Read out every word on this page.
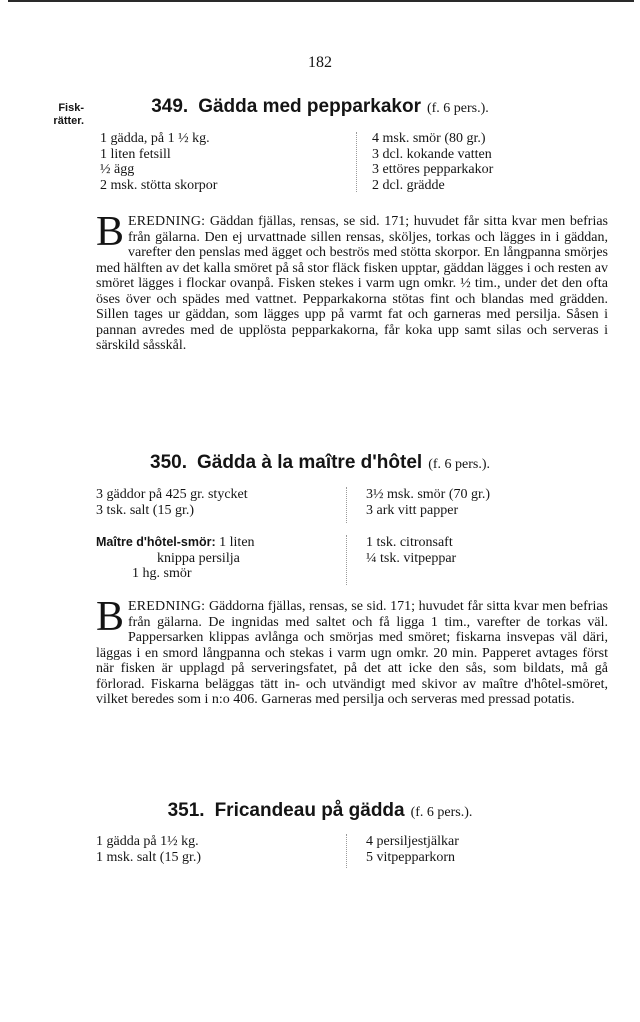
182
Fisk-
rätter.
349. Gädda med pepparkakor (f. 6 pers.).
1 gädda, på 1 ½ kg.
1 liten fetsill
½ ägg
2 msk. stötta skorpor
4 msk. smör (80 gr.)
3 dcl. kokande vatten
3 ettöres pepparkakor
2 dcl. grädde
BEREDNING: Gäddan fjällas, rensas, se sid. 171; huvudet får sitta kvar men befrias från gälarna. Den ej urvattnade sillen rensas, sköljes, torkas och lägges in i gäddan, varefter den penslas med ägget och beströs med stötta skorpor. En långpanna smörjes med hälften av det kalla smöret på så stor fläck fisken upptar, gäddan lägges i och resten av smöret lägges i flockar ovanpå. Fisken stekes i varm ugn omkr. ½ tim., under det den ofta öses över och spädes med vattnet. Pepparkakorna stötas fint och blandas med grädden. Sillen tages ur gäddan, som lägges upp på varmt fat och garneras med persilja. Såsen i pannan avredes med de upplösta pepparkakorna, får koka upp samt silas och serveras i särskild såsskål.
350. Gädda à la maître d'hôtel (f. 6 pers.).
3 gäddor på 425 gr. stycket
3 tsk. salt (15 gr.)
3½ msk. smör (70 gr.)
3 ark vitt papper
Maître d'hôtel-smör: 1 liten
knippa persilja
1 hg. smör
1 tsk. citronsaft
¼ tsk. vitpeppar
BEREDNING: Gäddorna fjällas, rensas, se sid. 171; huvudet får sitta kvar men befrias från gälarna. De ingnidas med saltet och få ligga 1 tim., varefter de torkas väl. Pappersarken klippas avlånga och smörjas med smöret; fiskarna insvepas väl däri, läggas i en smord långpanna och stekas i varm ugn omkr. 20 min. Papperet avtages först när fisken är upplagd på serveringsfatet, på det att icke den sås, som bildats, må gå förlorad. Fiskarna beläggas tätt in- och utvändigt med skivor av maître d'hôtel-smöret, vilket beredes som i n:o 406. Garneras med persilja och serveras med pressad potatis.
351. Fricandeau på gädda (f. 6 pers.).
1 gädda på 1½ kg.
1 msk. salt (15 gr.)
4 persiljestjälkar
5 vitpepparkorn
